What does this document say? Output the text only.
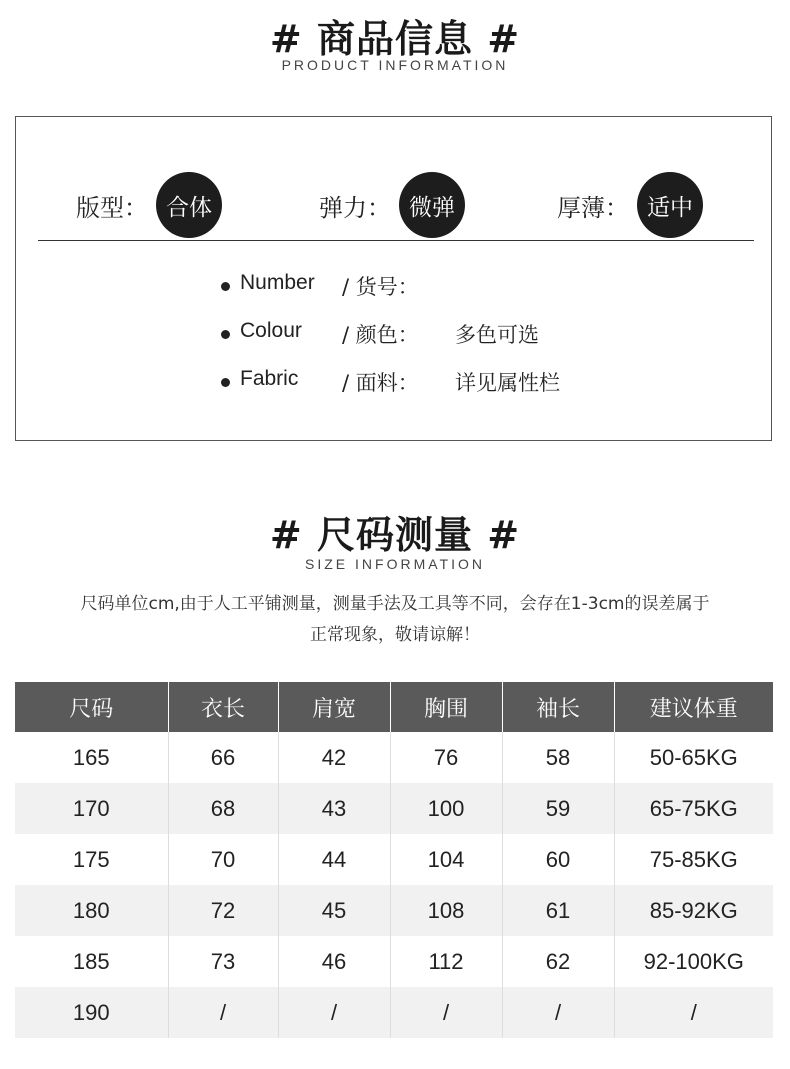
# 商品信息 #
PRODUCT INFORMATION
版型： 合体	弹力： 微弹	厚薄： 适中
Number / 货号：
Colour / 颜色： 多色可选
Fabric / 面料： 详见属性栏
# 尺码测量 #
SIZE INFORMATION
尺码单位cm,由于人工平铺测量，测量手法及工具等不同，会存在1-3cm的误差属于
正常现象，敬请谅解！
尺码	衣长	肩宽	胸围	袖长	建议体重
165	66	42	76	58	50-65KG
170	68	43	100	59	65-75KG
175	70	44	104	60	75-85KG
180	72	45	108	61	85-92KG
185	73	46	112	62	92-100KG
190	/	/	/	/	/
